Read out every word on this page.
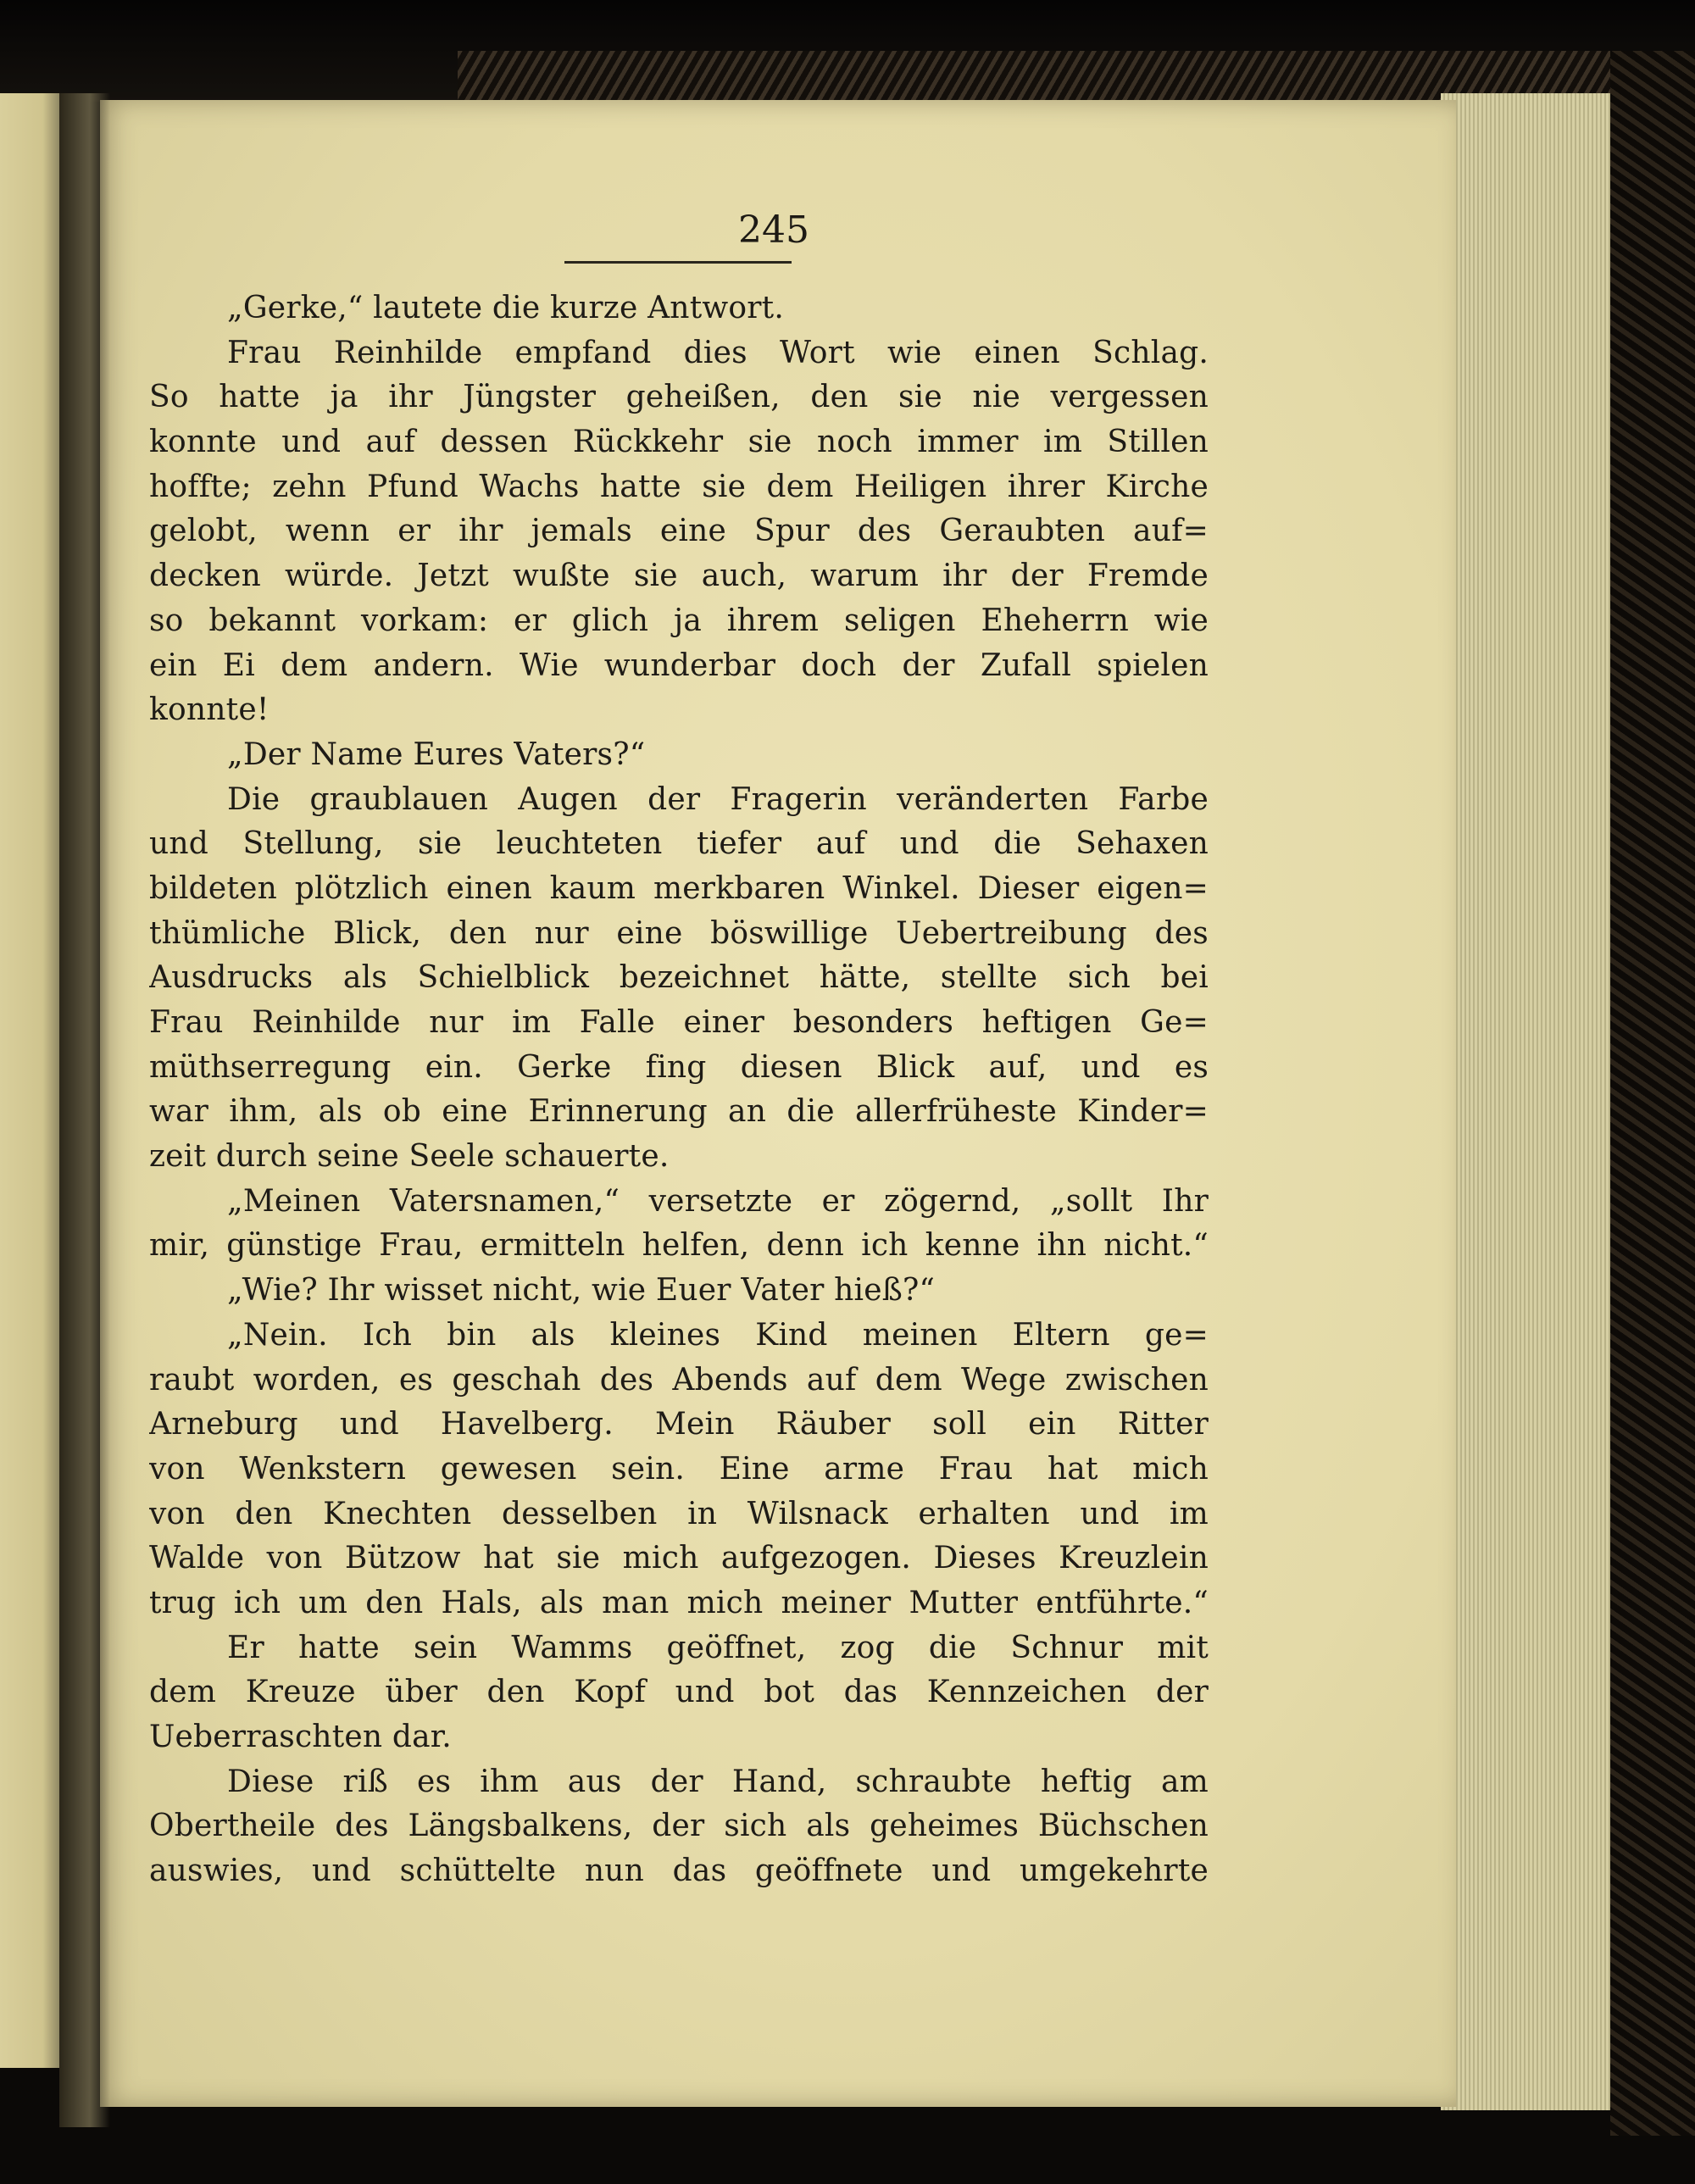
245
„Gerke,“ lautete die kurze Antwort.
Frau Reinhilde empfand dies Wort wie einen Schlag.
So hatte ja ihr Jüngster geheißen, den sie nie vergessen
konnte und auf dessen Rückkehr sie noch immer im Stillen
hoffte; zehn Pfund Wachs hatte sie dem Heiligen ihrer Kirche
gelobt, wenn er ihr jemals eine Spur des Geraubten auf=
decken würde. Jetzt wußte sie auch, warum ihr der Fremde
so bekannt vorkam: er glich ja ihrem seligen Eheherrn wie
ein Ei dem andern. Wie wunderbar doch der Zufall spielen
konnte!
„Der Name Eures Vaters?“
Die graublauen Augen der Fragerin veränderten Farbe
und Stellung, sie leuchteten tiefer auf und die Sehaxen
bildeten plötzlich einen kaum merkbaren Winkel. Dieser eigen=
thümliche Blick, den nur eine böswillige Uebertreibung des
Ausdrucks als Schielblick bezeichnet hätte, stellte sich bei
Frau Reinhilde nur im Falle einer besonders heftigen Ge=
müthserregung ein. Gerke fing diesen Blick auf, und es
war ihm, als ob eine Erinnerung an die allerfrüheste Kinder=
zeit durch seine Seele schauerte.
„Meinen Vatersnamen,“ versetzte er zögernd, „sollt Ihr
mir, günstige Frau, ermitteln helfen, denn ich kenne ihn nicht.“
„Wie? Ihr wisset nicht, wie Euer Vater hieß?“
„Nein. Ich bin als kleines Kind meinen Eltern ge=
raubt worden, es geschah des Abends auf dem Wege zwischen
Arneburg und Havelberg. Mein Räuber soll ein Ritter
von Wenkstern gewesen sein. Eine arme Frau hat mich
von den Knechten desselben in Wilsnack erhalten und im
Walde von Bützow hat sie mich aufgezogen. Dieses Kreuzlein
trug ich um den Hals, als man mich meiner Mutter entführte.“
Er hatte sein Wamms geöffnet, zog die Schnur mit
dem Kreuze über den Kopf und bot das Kennzeichen der
Ueberraschten dar.
Diese riß es ihm aus der Hand, schraubte heftig am
Obertheile des Längsbalkens, der sich als geheimes Büchschen
auswies, und schüttelte nun das geöffnete und umgekehrte
